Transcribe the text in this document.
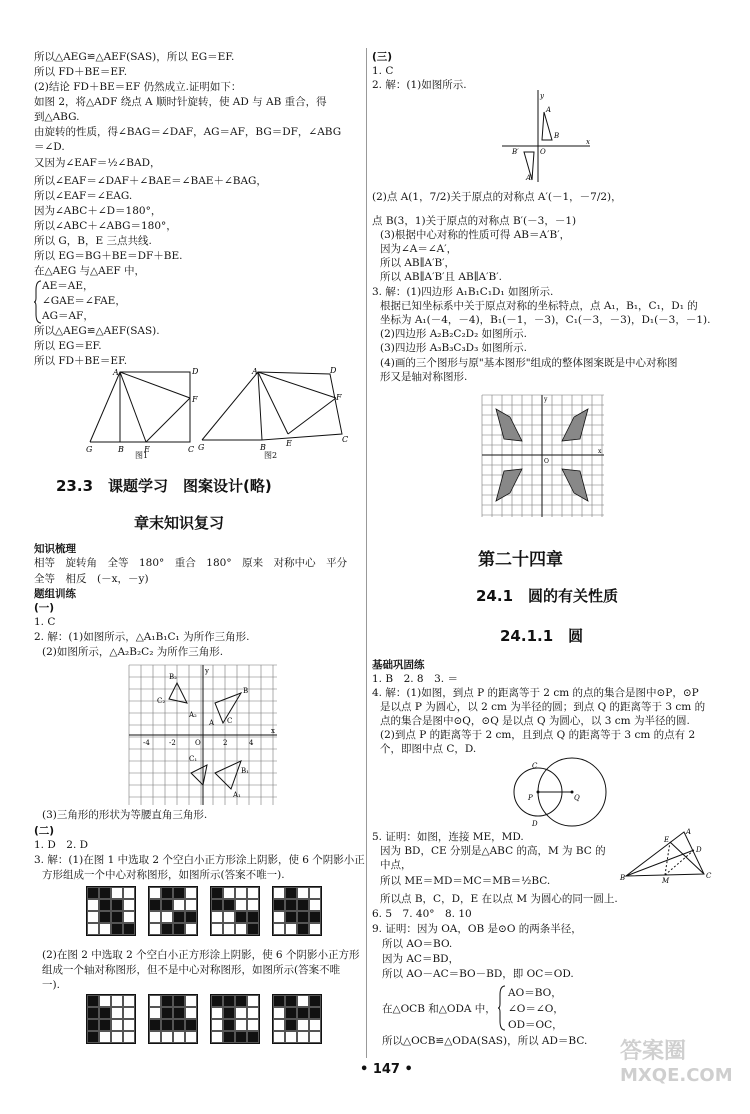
所以△AEG≌△AEF(SAS)，所以 EG＝EF.
所以 FD＋BE＝EF.
(2)结论 FD＋BE＝EF 仍然成立.证明如下：
如图 2，将△ADF 绕点 A 顺时针旋转，使 AD 与 AB 重合，得
到△ABG.
由旋转的性质，得∠BAG＝∠DAF，AG＝AF，BG＝DF，∠ABG
＝∠D.
又因为∠EAF＝½∠BAD，
所以∠EAF＝∠DAF＋∠BAE＝∠BAE＋∠BAG，
所以∠EAF＝∠EAG.
因为∠ABC＋∠D＝180°，
所以∠ABC＋∠ABG＝180°，
所以 G，B，E 三点共线.
所以 EG＝BG＋BE＝DF＋BE.
在△AEG 与△AEF 中，
AE＝AE，
∠GAE＝∠FAE，
AG＝AF，
所以△AEG≌△AEF(SAS).
所以 EG＝EF.
所以 FD＋BE＝EF.
G	B	E	C
A	D
F
G	B	E	C
A	D
F
图1	图2
23.3　课题学习　图案设计(略)
章末知识复习
知识梳理
相等　旋转角　全等　180°　重合　180°　原来　对称中心　平分
全等　相反　(－x，－y)
题组训练
(一)
1. C
2. 解：(1)如图所示，△A₁B₁C₁ 为所作三角形.
(2)如图所示，△A₂B₂C₂ 为所作三角形.
B₂
C₂
A₂
A
B
C
B₁
A₁
C₁
-4	-2	O	2	4
x
y
(3)三角形的形状为等腰直角三角形.
(二)
1. D　2. D
3. 解：(1)在图 1 中选取 2 个空白小正方形涂上阴影，使 6 个阴影小正
方形组成一个中心对称图形，如图所示(答案不唯一).
(2)在图 2 中选取 2 个空白小正方形涂上阴影，使 6 个阴影小正方形
组成一个轴对称图形，但不是中心对称图形，如图所示(答案不唯
一).
(三)
1. C
2. 解：(1)如图所示.
A
B
B′
A′
O
x
y
(2)点 A(1，7/2)关于原点的对称点 A′(－1，－7/2)，
点 B(3，1)关于原点的对称点 B′(－3，－1)
(3)根据中心对称的性质可得 AB＝A′B′，
因为∠A＝∠A′，
所以 AB∥A′B′，
所以 AB∥A′B′且 AB∥A′B′.
3. 解：(1)四边形 A₁B₁C₁D₁ 如图所示.
根据已知坐标系中关于原点对称的坐标特点，点 A₁，B₁，C₁，D₁ 的
坐标为 A₁(－4，－4)，B₁(－1，－3)，C₁(－3，－3)，D₁(－3，－1).
(2)四边形 A₂B₂C₂D₂ 如图所示.
(3)四边形 A₃B₃C₃D₃ 如图所示.
(4)画的三个图形与原"基本图形"组成的整体图案既是中心对称图
形又是轴对称图形.
O
x
y
第二十四章
24.1　圆的有关性质
24.1.1　圆
基础巩固练
1. B　2. 8　3. ＝
4. 解：(1)如图，到点 P 的距离等于 2 cm 的点的集合是图中⊙P，⊙P
是以点 P 为圆心，以 2 cm 为半径的圆；到点 Q 的距离等于 3 cm 的
点的集合是图中⊙Q，⊙Q 是以点 Q 为圆心，以 3 cm 为半径的圆.
(2)到点 P 的距离等于 2 cm，且到点 Q 的距离等于 3 cm 的点有 2
个，即图中点 C，D.
P	Q
C
D
5. 证明：如图，连接 ME，MD.
因为 BD，CE 分别是△ABC 的高，M 为 BC 的
中点，
所以 ME＝MD＝MC＝MB＝½BC.
所以点 B，C，D，E 在以点 M 为圆心的同一圆上.
B	C
A
E
D
M
6. 5　7. 40°　8. 10
9. 证明：因为 OA，OB 是⊙O 的两条半径，
所以 AO＝BO.
因为 AC＝BD，
所以 AO－AC＝BO－BD，即 OC＝OD.
在△OCB 和△ODA 中，
AO＝BO，
∠O＝∠O，
OD＝OC，
所以△OCB≌△ODA(SAS)，所以 AD＝BC.
• 147 •
答案圈
MXQE.COM
